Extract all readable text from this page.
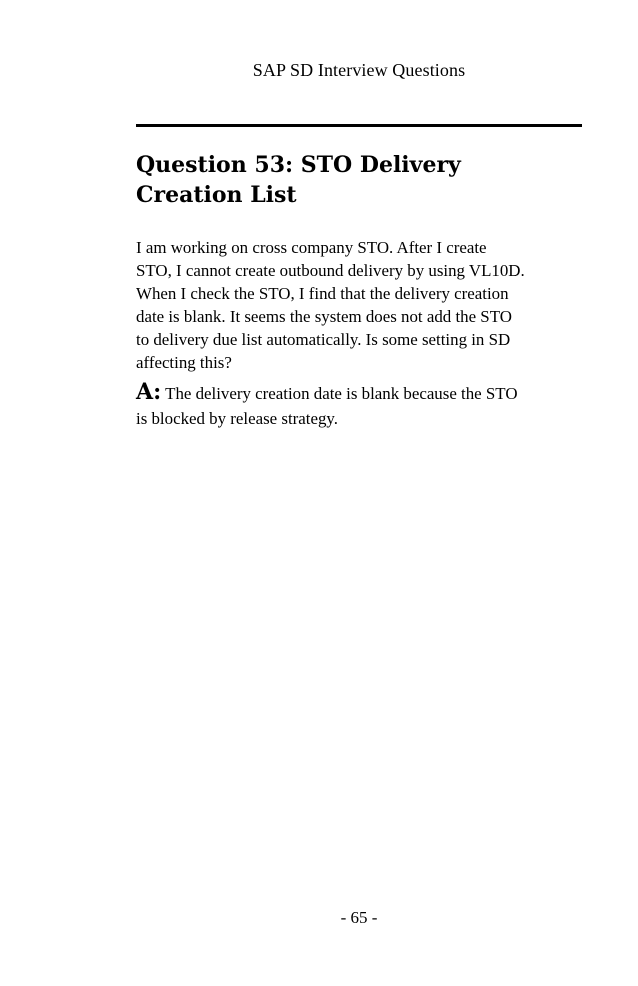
SAP SD Interview Questions
Question 53: STO Delivery
Creation List

I am working on cross company STO. After I create
STO, I cannot create outbound delivery by using VL10D.
When I check the STO, I find that the delivery creation
date is blank. It seems the system does not add the STO
to delivery due list automatically. Is some setting in SD
affecting this?

A: The delivery creation date is blank because the STO
is blocked by release strategy.

- 65 -
